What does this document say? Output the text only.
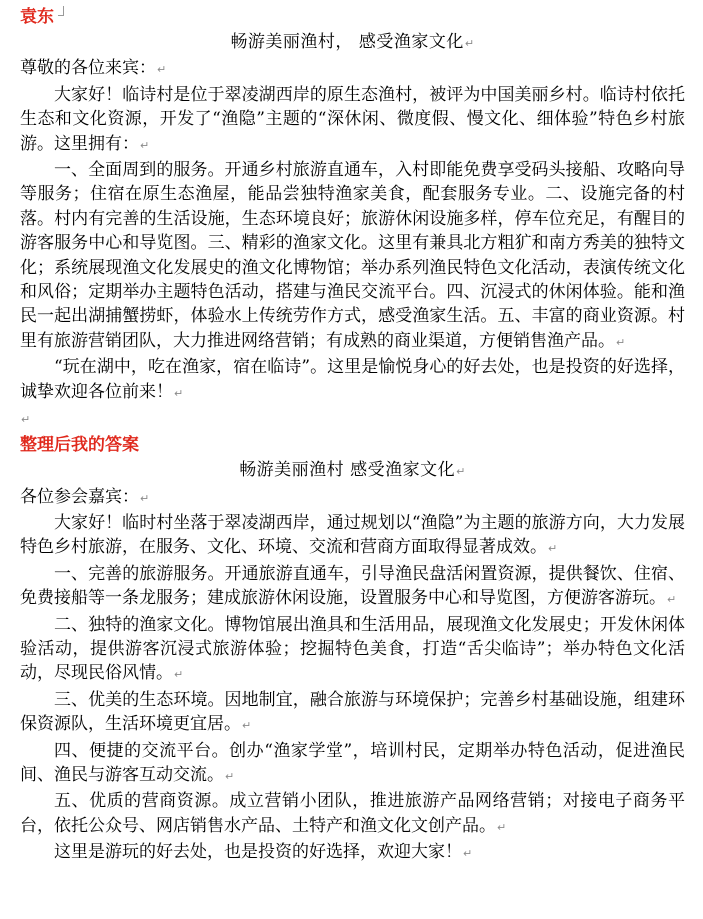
袁东
畅游美丽渔村， 感受渔家文化↵

尊敬的各位来宾：↵

大家好！临诗村是位于翠凌湖西岸的原生态渔村，被评为中国美丽乡村。临诗村依托生态和文化资源，开发了“渔隐”主题的“深休闲、微度假、慢文化、细体验”特色乡村旅游。这里拥有：↵

一、全面周到的服务。开通乡村旅游直通车，入村即能免费享受码头接船、攻略向导等服务；住宿在原生态渔屋，能品尝独特渔家美食，配套服务专业。二、设施完备的村落。村内有完善的生活设施，生态环境良好；旅游休闲设施多样，停车位充足，有醒目的游客服务中心和导览图。三、精彩的渔家文化。这里有兼具北方粗犷和南方秀美的独特文化；系统展现渔文化发展史的渔文化博物馆；举办系列渔民特色文化活动，表演传统文化和风俗；定期举办主题特色活动，搭建与渔民交流平台。四、沉浸式的休闲体验。能和渔民一起出湖捕蟹捞虾，体验水上传统劳作方式，感受渔家生活。五、丰富的商业资源。村里有旅游营销团队，大力推进网络营销；有成熟的商业渠道，方便销售渔产品。↵

“玩在湖中，吃在渔家，宿在临诗”。这里是愉悦身心的好去处，也是投资的好选择，诚挚欢迎各位前来！↵

↵
整理后我的答案
畅游美丽渔村 感受渔家文化↵

各位参会嘉宾：↵

大家好！临时村坐落于翠凌湖西岸，通过规划以“渔隐”为主题的旅游方向，大力发展特色乡村旅游，在服务、文化、环境、交流和营商方面取得显著成效。↵

一、完善的旅游服务。开通旅游直通车，引导渔民盘活闲置资源，提供餐饮、住宿、免费接船等一条龙服务；建成旅游休闲设施，设置服务中心和导览图，方便游客游玩。↵

二、独特的渔家文化。博物馆展出渔具和生活用品，展现渔文化发展史；开发休闲体验活动，提供游客沉浸式旅游体验；挖掘特色美食，打造“舌尖临诗”；举办特色文化活动，尽现民俗风情。↵

三、优美的生态环境。因地制宜，融合旅游与环境保护；完善乡村基础设施，组建环保资源队，生活环境更宜居。↵

四、便捷的交流平台。创办“渔家学堂”，培训村民，定期举办特色活动，促进渔民间、渔民与游客互动交流。↵

五、优质的营商资源。成立营销小团队，推进旅游产品网络营销；对接电子商务平台，依托公众号、网店销售水产品、土特产和渔文化文创产品。↵

这里是游玩的好去处，也是投资的好选择，欢迎大家！↵
